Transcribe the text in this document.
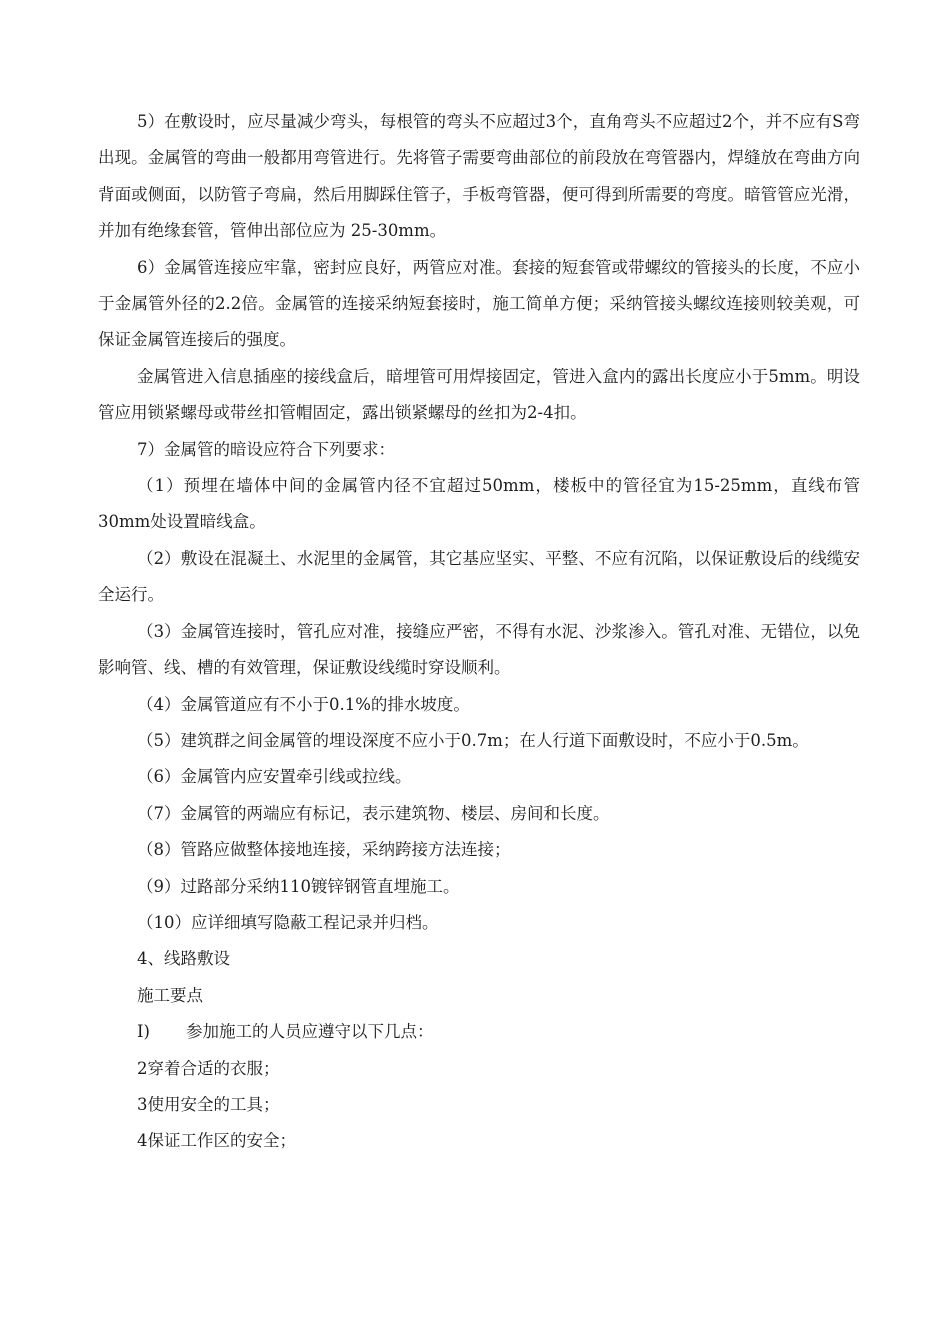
5）在敷设时，应尽量减少弯头，每根管的弯头不应超过3个，直角弯头不应超过2个，并不应有S弯出现。金属管的弯曲一般都用弯管进行。先将管子需要弯曲部位的前段放在弯管器内，焊缝放在弯曲方向背面或侧面，以防管子弯扁，然后用脚踩住管子，手板弯管器，便可得到所需要的弯度。暗管管应光滑，并加有绝缘套管，管伸出部位应为 25-30mm。

6）金属管连接应牢靠，密封应良好，两管应对准。套接的短套管或带螺纹的管接头的长度，不应小于金属管外径的2.2倍。金属管的连接采纳短套接时，施工简单方便；采纳管接头螺纹连接则较美观，可保证金属管连接后的强度。

金属管进入信息插座的接线盒后，暗埋管可用焊接固定，管进入盒内的露出长度应小于5mm。明设管应用锁紧螺母或带丝扣管帽固定，露出锁紧螺母的丝扣为2-4扣。

7）金属管的暗设应符合下列要求：

（1）预埋在墙体中间的金属管内径不宜超过50mm，楼板中的管径宜为15-25mm，直线布管30mm处设置暗线盒。

（2）敷设在混凝土、水泥里的金属管，其它基应坚实、平整、不应有沉陷，以保证敷设后的线缆安全运行。

（3）金属管连接时，管孔应对准，接缝应严密，不得有水泥、沙浆渗入。管孔对准、无错位，以免影响管、线、槽的有效管理，保证敷设线缆时穿设顺利。

（4）金属管道应有不小于0.1%的排水坡度。

（5）建筑群之间金属管的埋设深度不应小于0.7m；在人行道下面敷设时，不应小于0.5m。

（6）金属管内应安置牵引线或拉线。

（7）金属管的两端应有标记，表示建筑物、楼层、房间和长度。

（8）管路应做整体接地连接，采纳跨接方法连接；

（9）过路部分采纳110镀锌钢管直埋施工。

（10）应详细填写隐蔽工程记录并归档。

4、线路敷设

施工要点

I) 参加施工的人员应遵守以下几点：

2穿着合适的衣服；

3使用安全的工具；

4保证工作区的安全；
